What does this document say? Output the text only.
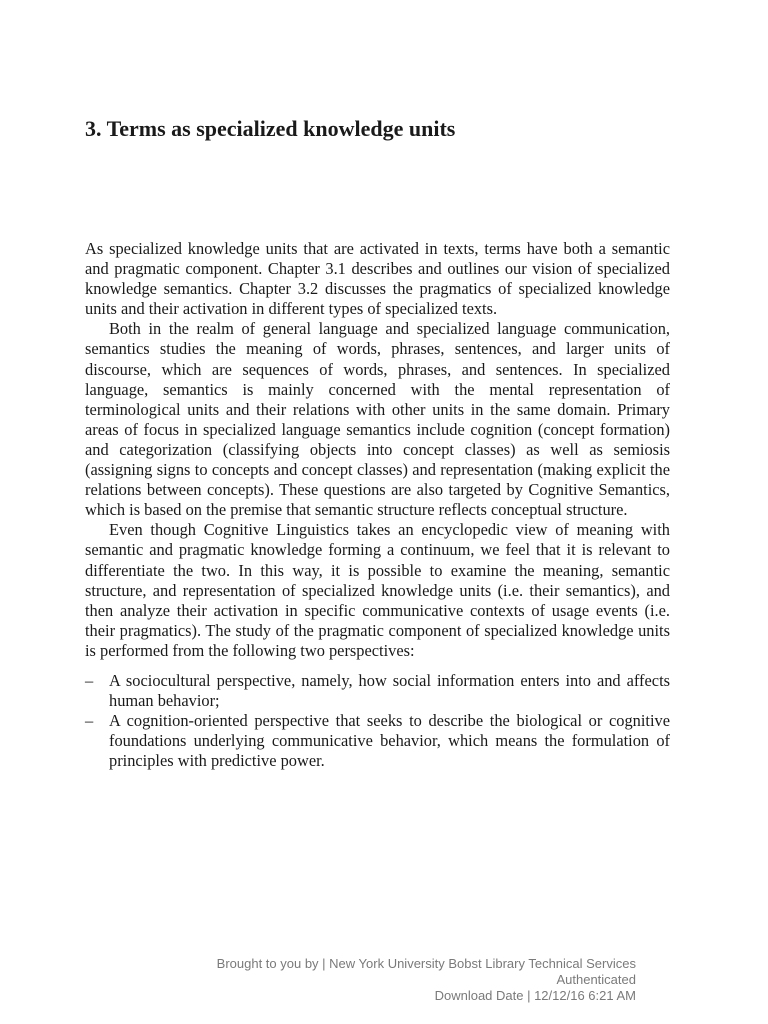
3. Terms as specialized knowledge units

As specialized knowledge units that are activated in texts, terms have both a semantic and pragmatic component. Chapter 3.1 describes and outlines our vision of specialized knowledge semantics. Chapter 3.2 discusses the pragmatics of specialized knowledge units and their activation in different types of specialized texts.

Both in the realm of general language and specialized language communication, semantics studies the meaning of words, phrases, sentences, and larger units of discourse, which are sequences of words, phrases, and sentences. In specialized language, semantics is mainly concerned with the mental representation of terminological units and their relations with other units in the same domain. Primary areas of focus in specialized language semantics include cognition (concept formation) and categorization (classifying objects into concept classes) as well as semiosis (assigning signs to concepts and concept classes) and representation (making explicit the relations between concepts). These questions are also targeted by Cognitive Semantics, which is based on the premise that semantic structure reflects conceptual structure.

Even though Cognitive Linguistics takes an encyclopedic view of meaning with semantic and pragmatic knowledge forming a continuum, we feel that it is relevant to differentiate the two. In this way, it is possible to examine the meaning, semantic structure, and representation of specialized knowledge units (i.e. their semantics), and then analyze their activation in specific communicative contexts of usage events (i.e. their pragmatics). The study of the pragmatic component of specialized knowledge units is performed from the following two perspectives:

– A sociocultural perspective, namely, how social information enters into and affects human behavior;
– A cognition-oriented perspective that seeks to describe the biological or cognitive foundations underlying communicative behavior, which means the formulation of principles with predictive power.
Brought to you by | New York University Bobst Library Technical Services
Authenticated
Download Date | 12/12/16 6:21 AM
